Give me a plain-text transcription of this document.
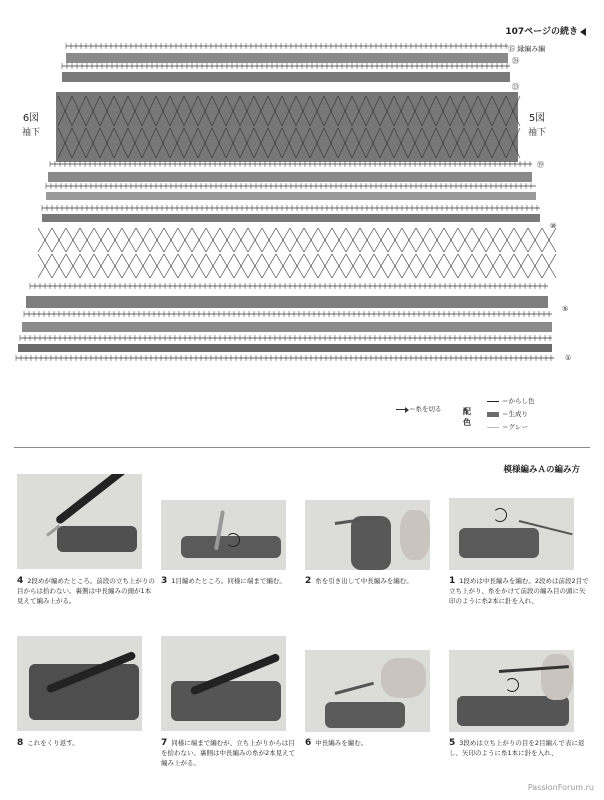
107ページの続き
6図
袖下
5図
袖下
⑮ 縁編み編
⑳
㉓
⑲
⑩
⑤
①
＝糸を切る	配色
＝からし色
＝生成り
＝グレー
模様編みＡの編み方
4 2段めが編めたところ。前段の立ち上がりの目からは拾わない。裏側は中長編みの頭が1本見えて編み上がる。
3 1目編めたところ。同様に端まで編む。	2 糸を引き出して中長編みを編む。	1 1段めは中長編みを編む。2段めは前段2目で立ち上がり、糸をかけて前段の編み目の頭に矢印のように糸2本に針を入れ、
8 これをくり返す。	7 同様に端まで編むが、立ち上がりからは目を拾わない。裏側は中長編みの糸が2本見えて編み上がる。
6 中長編みを編む。	5 3段めは立ち上がりの目を2目編んで表に返し、矢印のように糸1本に針を入れ、
PassionForum.ru
